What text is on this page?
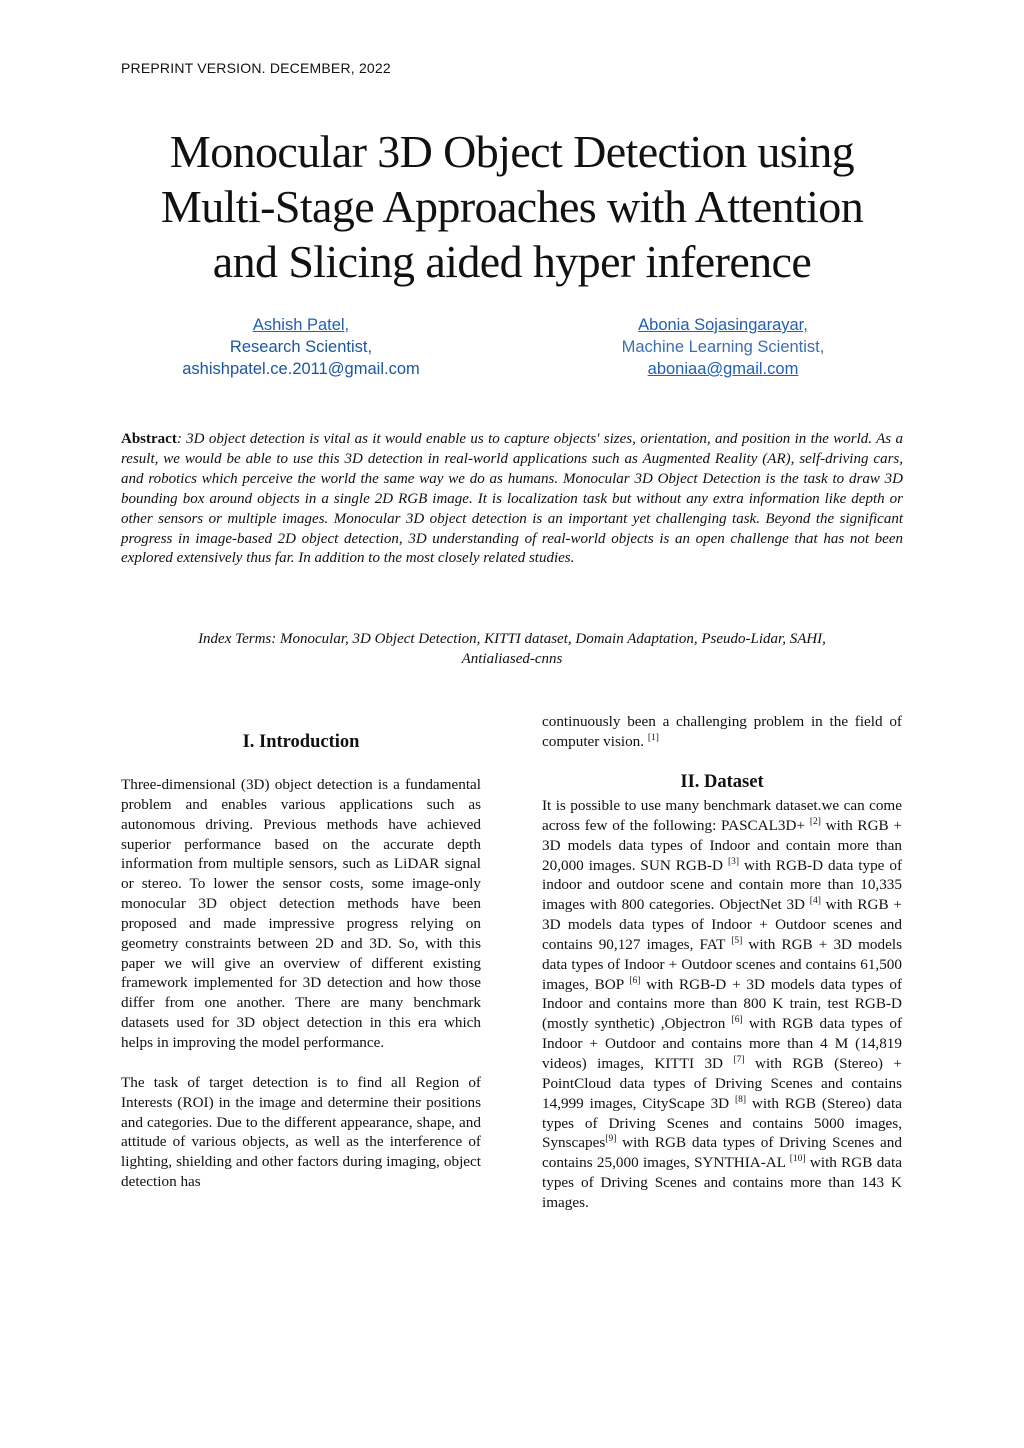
PREPRINT VERSION. DECEMBER, 2022
Monocular 3D Object Detection using
Multi-Stage Approaches with Attention
and Slicing aided hyper inference
Ashish Patel,
Research Scientist,
ashishpatel.ce.2011@gmail.com
Abonia Sojasingarayar,
Machine Learning Scientist,
aboniaa@gmail.com
Abstract: 3D object detection is vital as it would enable us to capture objects' sizes, orientation, and position in the world. As a result, we would be able to use this 3D detection in real-world applications such as Augmented Reality (AR), self-driving cars, and robotics which perceive the world the same way we do as humans. Monocular 3D Object Detection is the task to draw 3D bounding box around objects in a single 2D RGB image. It is localization task but without any extra information like depth or other sensors or multiple images. Monocular 3D object detection is an important yet challenging task. Beyond the significant progress in image-based 2D object detection, 3D understanding of real-world objects is an open challenge that has not been explored extensively thus far. In addition to the most closely related studies.
Index Terms: Monocular, 3D Object Detection, KITTI dataset, Domain Adaptation, Pseudo-Lidar, SAHI, Antialiased-cnns
I. Introduction

Three-dimensional (3D) object detection is a fundamental problem and enables various applications such as autonomous driving. Previous methods have achieved superior performance based on the accurate depth information from multiple sensors, such as LiDAR signal or stereo. To lower the sensor costs, some image-only monocular 3D object detection methods have been proposed and made impressive progress relying on geometry constraints between 2D and 3D. So, with this paper we will give an overview of different existing framework implemented for 3D detection and how those differ from one another. There are many benchmark datasets used for 3D object detection in this era which helps in improving the model performance.

The task of target detection is to find all Region of Interests (ROI) in the image and determine their positions and categories. Due to the different appearance, shape, and attitude of various objects, as well as the interference of lighting, shielding and other factors during imaging, object detection has

continuously been a challenging problem in the field of computer vision. [1]

II. Dataset

It is possible to use many benchmark dataset.we can come across few of the following: PASCAL3D+ [2] with RGB + 3D models data types of Indoor and contain more than 20,000 images. SUN RGB-D [3] with RGB-D data type of indoor and outdoor scene and contain more than 10,335 images with 800 categories. ObjectNet 3D [4] with RGB + 3D models data types of Indoor + Outdoor scenes and contains 90,127 images, FAT [5] with RGB + 3D models data types of Indoor + Outdoor scenes and contains 61,500 images, BOP [6] with RGB-D + 3D models data types of Indoor and contains more than 800 K train, test RGB-D (mostly synthetic) ,Objectron [6] with RGB data types of Indoor + Outdoor and contains more than 4 M (14,819 videos) images, KITTI 3D [7] with RGB (Stereo) + PointCloud data types of Driving Scenes and contains 14,999 images, CityScape 3D [8] with RGB (Stereo) data types of Driving Scenes and contains 5000 images, Synscapes[9] with RGB data types of Driving Scenes and contains 25,000 images, SYNTHIA-AL [10] with RGB data types of Driving Scenes and contains more than 143 K images.
